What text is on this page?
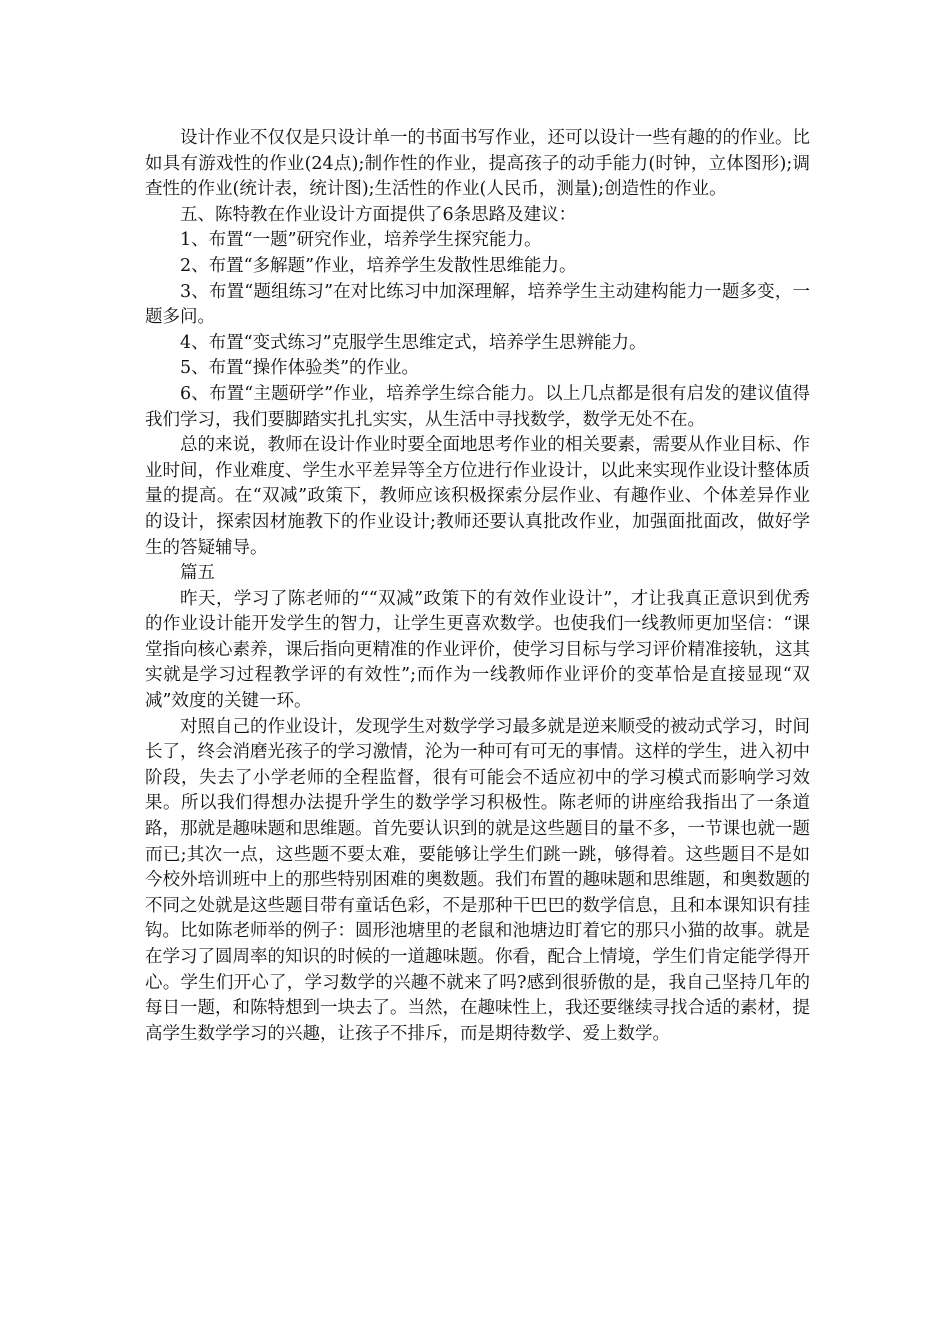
设计作业不仅仅是只设计单一的书面书写作业，还可以设计一些有趣的的作业。比如具有游戏性的作业(24点);制作性的作业，提高孩子的动手能力(时钟，立体图形);调查性的作业(统计表，统计图);生活性的作业(人民币，测量);创造性的作业。

五、陈特教在作业设计方面提供了6条思路及建议：

1、布置“一题”研究作业，培养学生探究能力。

2、布置“多解题”作业，培养学生发散性思维能力。

3、布置“题组练习”在对比练习中加深理解，培养学生主动建构能力一题多变，一题多问。

4、布置“变式练习”克服学生思维定式，培养学生思辨能力。

5、布置“操作体验类”的作业。

6、布置“主题研学”作业，培养学生综合能力。以上几点都是很有启发的建议值得我们学习，我们要脚踏实扎扎实实，从生活中寻找数学，数学无处不在。

总的来说，教师在设计作业时要全面地思考作业的相关要素，需要从作业目标、作业时间，作业难度、学生水平差异等全方位进行作业设计，以此来实现作业设计整体质量的提高。在“双减”政策下，教师应该积极探索分层作业、有趣作业、个体差异作业的设计，探索因材施教下的作业设计;教师还要认真批改作业，加强面批面改，做好学生的答疑辅导。

篇五

昨天，学习了陈老师的““双减”政策下的有效作业设计”，才让我真正意识到优秀的作业设计能开发学生的智力，让学生更喜欢数学。也使我们一线教师更加坚信：“课堂指向核心素养，课后指向更精准的作业评价，使学习目标与学习评价精准接轨，这其实就是学习过程教学评的有效性”;而作为一线教师作业评价的变革恰是直接显现“双减”效度的关键一环。

对照自己的作业设计，发现学生对数学学习最多就是逆来顺受的被动式学习，时间长了，终会消磨光孩子的学习激情，沦为一种可有可无的事情。这样的学生，进入初中阶段，失去了小学老师的全程监督，很有可能会不适应初中的学习模式而影响学习效果。所以我们得想办法提升学生的数学学习积极性。陈老师的讲座给我指出了一条道路，那就是趣味题和思维题。首先要认识到的就是这些题目的量不多，一节课也就一题而已;其次一点，这些题不要太难，要能够让学生们跳一跳，够得着。这些题目不是如今校外培训班中上的那些特别困难的奥数题。我们布置的趣味题和思维题，和奥数题的不同之处就是这些题目带有童话色彩，不是那种干巴巴的数学信息，且和本课知识有挂钩。比如陈老师举的例子：圆形池塘里的老鼠和池塘边盯着它的那只小猫的故事。就是在学习了圆周率的知识的时候的一道趣味题。你看，配合上情境，学生们肯定能学得开心。学生们开心了，学习数学的兴趣不就来了吗?感到很骄傲的是，我自己坚持几年的每日一题，和陈特想到一块去了。当然，在趣味性上，我还要继续寻找合适的素材，提高学生数学学习的兴趣，让孩子不排斥，而是期待数学、爱上数学。
